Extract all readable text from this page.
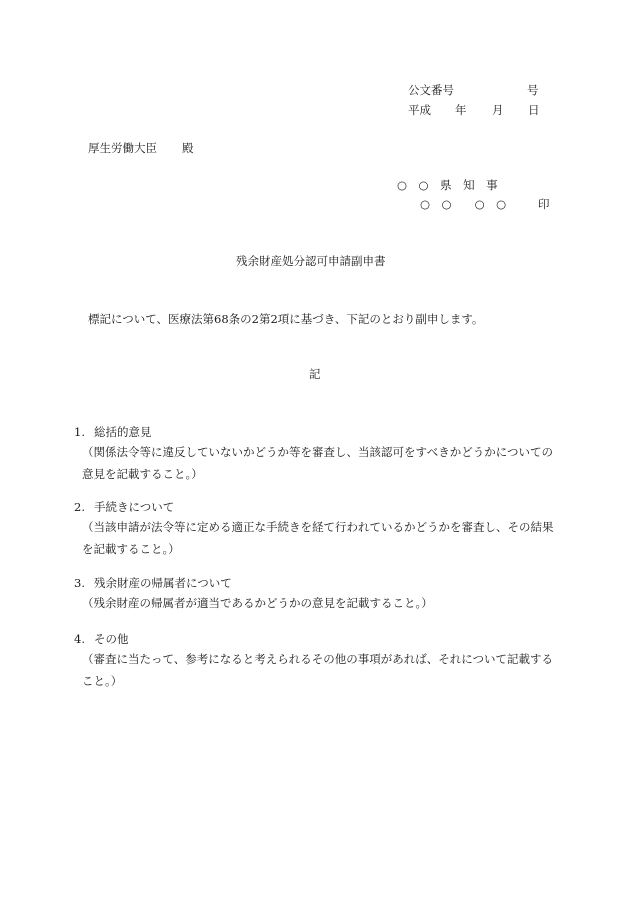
公文番号	号
平成 年 月 日
厚生労働大臣 殿
○　○　県　知　事
○　○　　○　○	印
残余財産処分認可申請副申書
標記について、医療法第68条の2第2項に基づき、下記のとおり副申します。
記
1. 総括的意見
（関係法令等に違反していないかどうか等を審査し、当該認可をすべきかどうかについての意見を記載すること。）
2. 手続きについて
（当該申請が法令等に定める適正な手続きを経て行われているかどうかを審査し、その結果を記載すること。）
3. 残余財産の帰属者について
（残余財産の帰属者が適当であるかどうかの意見を記載すること。）
4. その他
（審査に当たって、参考になると考えられるその他の事項があれば、それについて記載すること。）
